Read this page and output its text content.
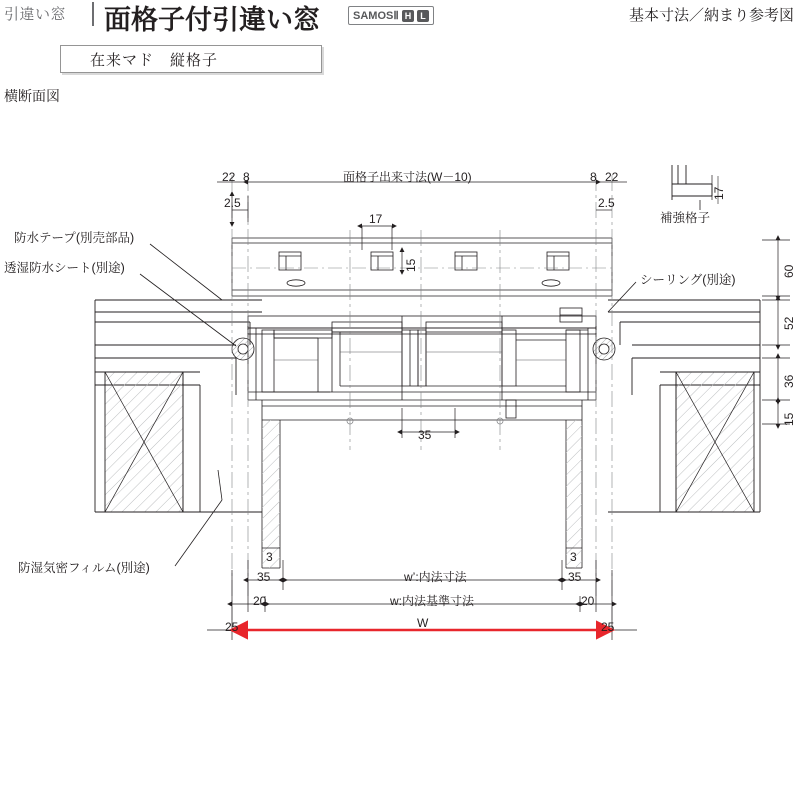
引違い窓 面格子付引違い窓	SAMOSⅡ H	L	基本寸法／納まり参考図
在来マド　縦格子
横断面図
防水テープ(別売部品)
透湿防水シート(別途)
防湿気密フィルム(別途)
シーリング(別途)
補強格子
面格子出来寸法(W－10)
22 8	8 22
2.5	2.5
17
15
17
60
52
36
15
35
3	3
35	35
w’:内法寸法
20	20
w:内法基準寸法
25	25
W
